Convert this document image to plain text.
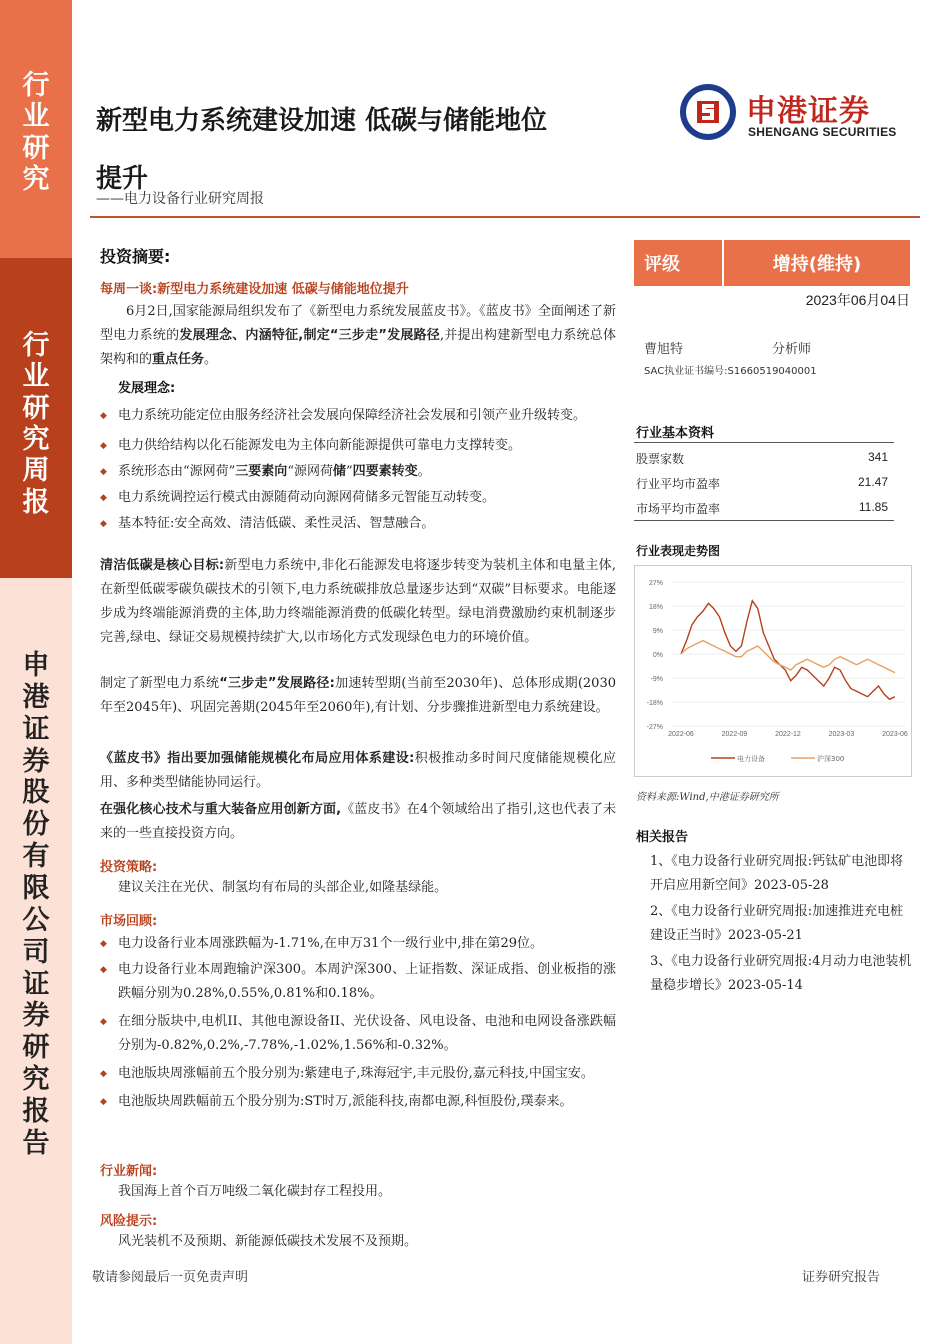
行
业
研
究
行
业
研
究
周
报
申
港
证
券
股
份
有
限
公
司
证
券
研
究
报
告
新型电力系统建设加速 低碳与储能地位
提升
——电力设备行业研究周报
申港证券
SHENGANG SECURITIES
投资摘要:
每周一谈:新型电力系统建设加速 低碳与储能地位提升
6月2日,国家能源局组织发布了《新型电力系统发展蓝皮书》。《蓝皮书》全面阐述了新型电力系统的发展理念、内涵特征,制定“三步走”发展路径,并提出构建新型电力系统总体架构和的重点任务。
发展理念:
◆ 电力系统功能定位由服务经济社会发展向保障经济社会发展和引领产业升级转变。
◆ 电力供给结构以化石能源发电为主体向新能源提供可靠电力支撑转变。
◆ 系统形态由“源网荷”三要素向“源网荷储”四要素转变。
◆ 电力系统调控运行模式由源随荷动向源网荷储多元智能互动转变。
◆ 基本特征:安全高效、清洁低碳、柔性灵活、智慧融合。
清洁低碳是核心目标:新型电力系统中,非化石能源发电将逐步转变为装机主体和电量主体,在新型低碳零碳负碳技术的引领下,电力系统碳排放总量逐步达到“双碳”目标要求。电能逐步成为终端能源消费的主体,助力终端能源消费的低碳化转型。绿电消费激励约束机制逐步完善,绿电、绿证交易规模持续扩大,以市场化方式发现绿色电力的环境价值。
制定了新型电力系统“三步走”发展路径:加速转型期(当前至2030年)、总体形成期(2030年至2045年)、巩固完善期(2045年至2060年),有计划、分步骤推进新型电力系统建设。
《蓝皮书》指出要加强储能规模化布局应用体系建设:积极推动多时间尺度储能规模化应用、多种类型储能协同运行。
在强化核心技术与重大装备应用创新方面,《蓝皮书》在4个领域给出了指引,这也代表了未来的一些直接投资方向。
投资策略:
建议关注在光伏、制氢均有布局的头部企业,如隆基绿能。
市场回顾:
◆ 电力设备行业本周涨跌幅为-1.71%,在申万31个一级行业中,排在第29位。
◆ 电力设备行业本周跑输沪深300。本周沪深300、上证指数、深证成指、创业板指的涨跌幅分别为0.28%,0.55%,0.81%和0.18%。
◆ 在细分版块中,电机II、其他电源设备II、光伏设备、风电设备、电池和电网设备涨跌幅分别为-0.82%,0.2%,-7.78%,-1.02%,1.56%和-0.32%。
◆ 电池版块周涨幅前五个股分别为:紫建电子,珠海冠宇,丰元股份,嘉元科技,中国宝安。
◆ 电池版块周跌幅前五个股分别为:ST时万,派能科技,南都电源,科恒股份,璞泰来。
行业新闻:
我国海上首个百万吨级二氧化碳封存工程投用。
风险提示:
风光装机不及预期、新能源低碳技术发展不及预期。
评级	增持(维持)
2023年06月04日
曹旭特	分析师
SAC执业证书编号:S1660519040001
行业基本资料
股票家数	341
行业平均市盈率	21.47
市场平均市盈率	11.85
行业表现走势图
27%
18%
9%
0%
-9%
-18%
-27%
2022-06	2022-09	2022-12	2023-03	2023-06
电力设备	沪深300
资料来源:Wind,中港证券研究所
相关报告
1、《电力设备行业研究周报:钙钛矿电池即将开启应用新空间》2023-05-28
2、《电力设备行业研究周报:加速推进充电桩建设正当时》2023-05-21
3、《电力设备行业研究周报:4月动力电池装机量稳步增长》2023-05-14
敬请参阅最后一页免责声明	证券研究报告
